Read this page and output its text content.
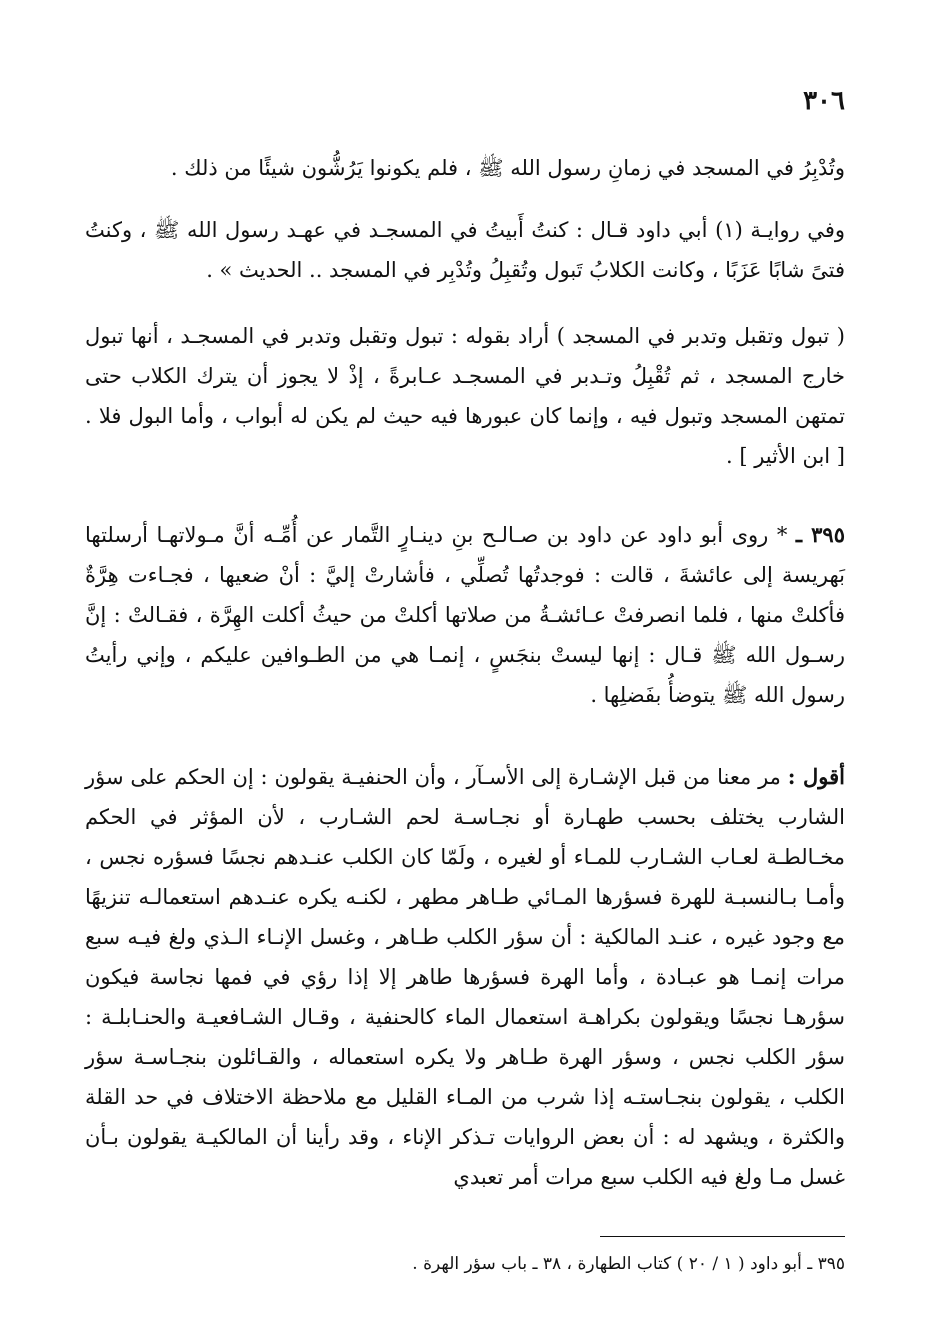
٣٠٦

وتُدْبِرُ في المسجد في زمانِ رسول الله ﷺ ، فلم يكونوا يَرُشُّون شيئًا من ذلك .

وفي روايـة (١) أبي داود قـال : كنتُ أَبيتُ في المسجـد في عهـد رسول الله ﷺ ، وكنتُ فتىً شابًا عَزَبًا ، وكانت الكلابُ تَبول وتُقبِلُ وتُدْبِر في المسجد .. الحديث » .

( تبول وتقبل وتدبر في المسجد ) أراد بقوله : تبول وتقبل وتدبر في المسجـد ، أنها تبول خارج المسجد ، ثم تُقْبِلُ وتـدبر في المسجـد عـابرةً ، إذْ لا يجوز أن يترك الكلاب حتى تمتهن المسجد وتبول فيه ، وإنما كان عبورها فيه حيث لم يكن له أبواب ، وأما البول فلا . [ ابن الأثير ] .

٣٩٥ ـ * روى أبو داود عن داود بن صـالـح بنِ دينـارٍ التَّمار عن أُمِّـه أنَّ مـولاتهـا أرسلتها بَهريسة إلى عائشةَ ، قالت : فوجدتُها تُصلِّي ، فأشارتْ إليَّ : أنْ ضعيها ، فجـاءت هِرَّةٌ فأكلتْ منها ، فلما انصرفتْ عـائشـةُ من صلاتها أكلتْ من حيثُ أكلت الهِرَّة ، فقـالتْ : إنَّ رسـول الله ﷺ قـال : إنها ليستْ بنجَسٍ ، إنمـا هي من الطـوافين عليكم ، وإني رأيتُ رسول الله ﷺ يتوضأُ بفَضلِها .

أقول : مر معنا من قبل الإشـارة إلى الأسـآر ، وأن الحنفيـة يقولون : إن الحكم على سؤر الشارب يختلف بحسب طهـارة أو نجـاسـة لحم الشـارب ، لأن المؤثر في الحكم مخـالطـة لعـاب الشـارب للمـاء أو لغيره ، ولَمّا كان الكلب عنـدهم نجسًا فسؤره نجس ، وأمـا بـالنسبـة للهرة فسؤرها المـائي طـاهر مطهر ، لكنـه يكره عنـدهم استعمالـه تنزيهًا مع وجود غيره ، عنـد المالكية : أن سؤر الكلب طـاهر ، وغسل الإنـاء الـذي ولغ فيـه سبع مرات إنمـا هو عبـادة ، وأما الهرة فسؤرها طاهر إلا إذا رؤي في فمها نجاسة فيكون سؤرهـا نجسًا ويقولون بكراهـة استعمال الماء كالحنفية ، وقـال الشـافعيـة والحنـابلـة : سؤر الكلب نجس ، وسؤر الهرة طـاهر ولا يكره استعماله ، والقـائلون بنجـاسـة سؤر الكلب ، يقولون بنجـاستـه إذا شرب من المـاء القليل مع ملاحظة الاختلاف في حد القلة والكثرة ، ويشهد له : أن بعض الروايات تـذكر الإناء ، وقد رأينا أن المالكيـة يقولون بـأن غسل مـا ولغ فيه الكلب سبع مرات أمر تعبدي

٣٩٥ ـ أبو داود ( ١ / ٢٠ ) كتاب الطهارة ، ٣٨ ـ باب سؤر الهرة .
